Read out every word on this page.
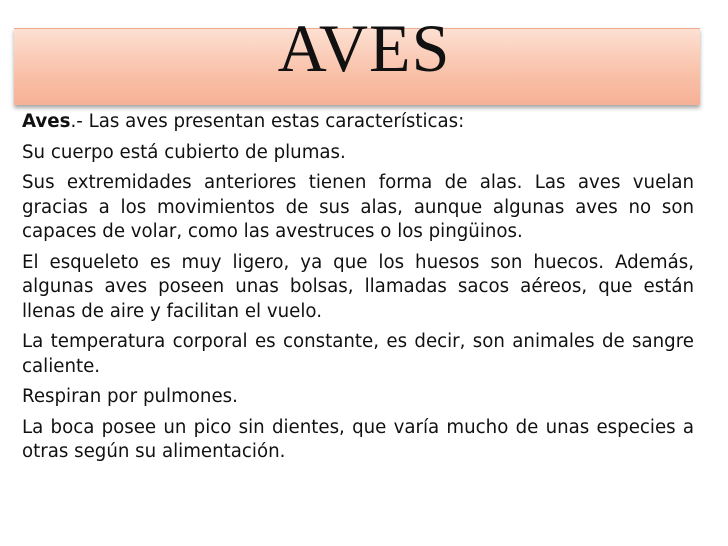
AVES

Aves.- Las aves presentan estas características:

Su cuerpo está cubierto de plumas.

Sus extremidades anteriores tienen forma de alas. Las aves vuelan gracias a los movimientos de sus alas, aunque algunas aves no son capaces de volar, como las avestruces o los pingüinos.

El esqueleto es muy ligero, ya que los huesos son huecos. Además, algunas aves poseen unas bolsas, llamadas sacos aéreos, que están llenas de aire y facilitan el vuelo.

La temperatura corporal es constante, es decir, son animales de sangre caliente.

Respiran por pulmones.

La boca posee un pico sin dientes, que varía mucho de unas especies a otras según su alimentación.
